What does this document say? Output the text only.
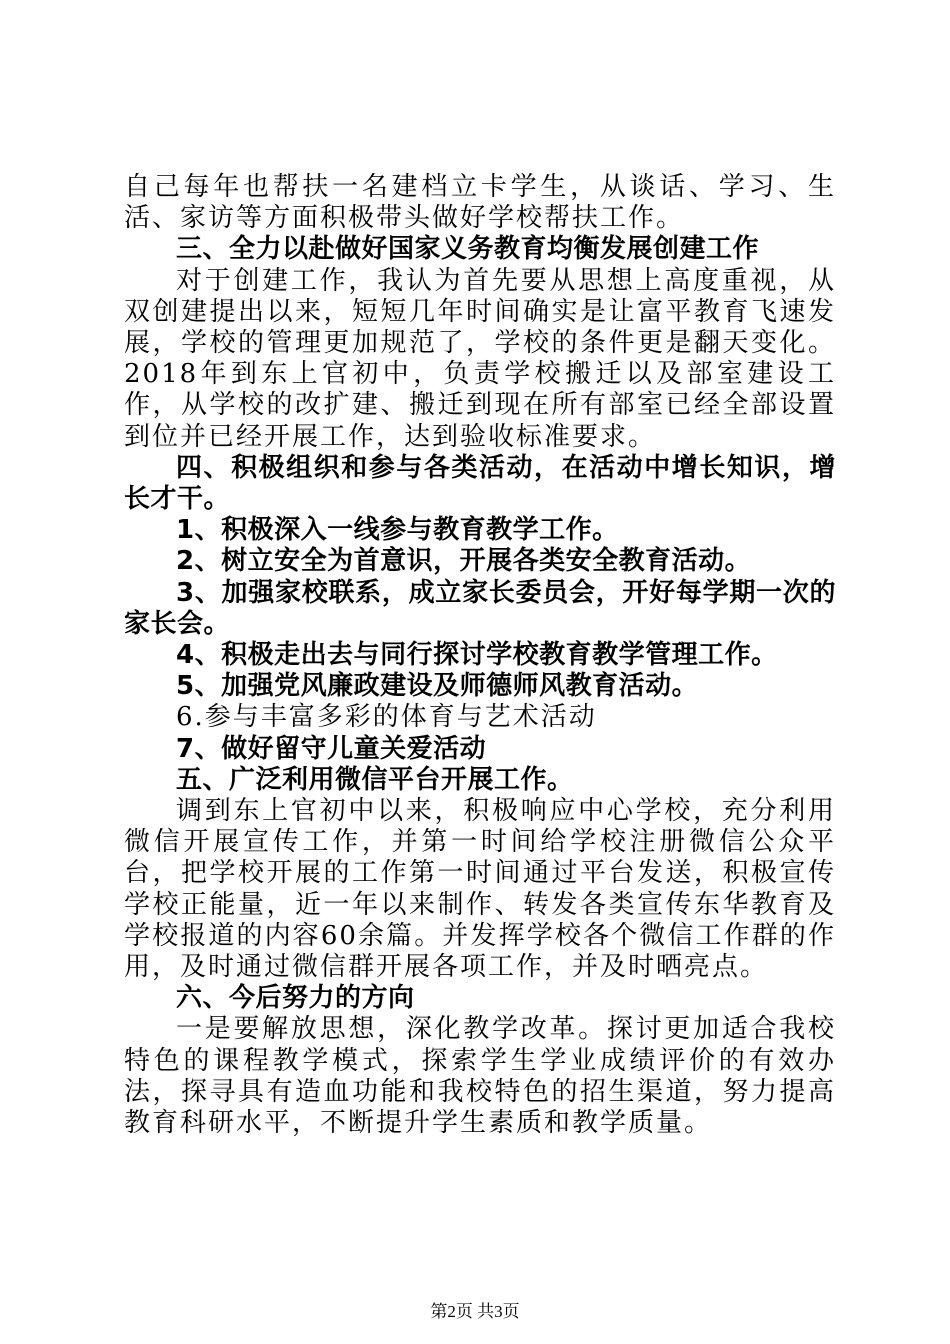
自己每年也帮扶一名建档立卡学生，从谈话、学习、生活、家访等方面积极带头做好学校帮扶工作。

三、全力以赴做好国家义务教育均衡发展创建工作

对于创建工作，我认为首先要从思想上高度重视，从双创建提出以来，短短几年时间确实是让富平教育飞速发展，学校的管理更加规范了，学校的条件更是翻天变化。2018年到东上官初中，负责学校搬迁以及部室建设工作，从学校的改扩建、搬迁到现在所有部室已经全部设置到位并已经开展工作，达到验收标准要求。

四、积极组织和参与各类活动，在活动中增长知识，增长才干。

1、积极深入一线参与教育教学工作。

2、树立安全为首意识，开展各类安全教育活动。

3、加强家校联系，成立家长委员会，开好每学期一次的家长会。

4、积极走出去与同行探讨学校教育教学管理工作。

5、加强党风廉政建设及师德师风教育活动。

6.参与丰富多彩的体育与艺术活动

7、做好留守儿童关爱活动

五、广泛利用微信平台开展工作。

调到东上官初中以来，积极响应中心学校，充分利用微信开展宣传工作，并第一时间给学校注册微信公众平台，把学校开展的工作第一时间通过平台发送，积极宣传学校正能量，近一年以来制作、转发各类宣传东华教育及学校报道的内容60余篇。并发挥学校各个微信工作群的作用，及时通过微信群开展各项工作，并及时晒亮点。

六、今后努力的方向

一是要解放思想，深化教学改革。探讨更加适合我校特色的课程教学模式，探索学生学业成绩评价的有效办法，探寻具有造血功能和我校特色的招生渠道，努力提高教育科研水平，不断提升学生素质和教学质量。

第2页 共3页
